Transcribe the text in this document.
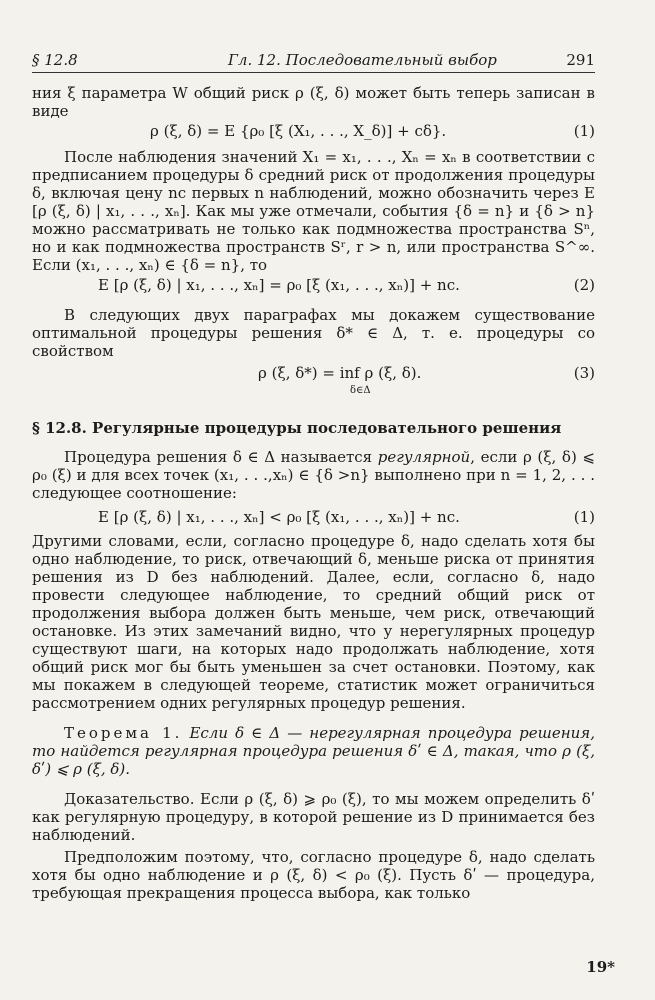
§ 12.8	Гл. 12. Последовательный выбор	291

ния ξ параметра W общий риск ρ (ξ, δ) может быть теперь записан в виде

ρ (ξ, δ) = E {ρ₀ [ξ (X₁, . . ., X_δ)] + cδ}.	(1)

После наблюдения значений X₁ = x₁, . . ., Xₙ = xₙ в соответствии с предписанием процедуры δ средний риск от продолжения процедуры δ, включая цену nc первых n наблюдений, можно обозначить через E [ρ (ξ, δ) | x₁, . . ., xₙ]. Как мы уже отмечали, события {δ = n} и {δ > n} можно рассматривать не только как подмножества пространства Sⁿ, но и как подмножества пространств Sʳ, r > n, или пространства S^∞. Если (x₁, . . ., xₙ) ∈ {δ = n}, то

E [ρ (ξ, δ) | x₁, . . ., xₙ] = ρ₀ [ξ (x₁, . . ., xₙ)] + nc.	(2)

В следующих двух параграфах мы докажем существование оптимальной процедуры решения δ* ∈ Δ, т. е. процедуры со свойством

ρ (ξ, δ*) = inf ρ (ξ, δ).
δ∈Δ
(3)
§ 12.8. Регулярные процедуры последовательного решения

Процедура решения δ ∈ Δ называется регулярной, если ρ (ξ, δ) ⩽ ρ₀ (ξ) и для всех точек (x₁, . . .,xₙ) ∈ {δ >n} выполнено при n = 1, 2, . . . следующее соотношение:

E [ρ (ξ, δ) | x₁, . . ., xₙ] < ρ₀ [ξ (x₁, . . ., xₙ)] + nc.	(1)

Другими словами, если, согласно процедуре δ, надо сделать хотя бы одно наблюдение, то риск, отвечающий δ, меньше риска от принятия решения из D без наблюдений. Далее, если, согласно δ, надо провести следующее наблюдение, то средний общий риск от продолжения выбора должен быть меньше, чем риск, отвечающий остановке. Из этих замечаний видно, что у нерегулярных процедур существуют шаги, на которых надо продолжать наблюдение, хотя общий риск мог бы быть уменьшен за счет остановки. Поэтому, как мы покажем в следующей теореме, статистик может ограничиться рассмотрением одних регулярных процедур решения.

Теорема 1. Если δ ∈ Δ — нерегулярная процедура решения, то найдется регулярная процедура решения δʹ ∈ Δ, такая, что ρ (ξ, δʹ) ⩽ ρ (ξ, δ).

Доказательство. Если ρ (ξ, δ) ⩾ ρ₀ (ξ), то мы можем определить δʹ как регулярную процедуру, в которой решение из D принимается без наблюдений.

Предположим поэтому, что, согласно процедуре δ, надо сделать хотя бы одно наблюдение и ρ (ξ, δ) < ρ₀ (ξ). Пусть δʹ — процедура, требующая прекращения процесса выбора, как только

19*
